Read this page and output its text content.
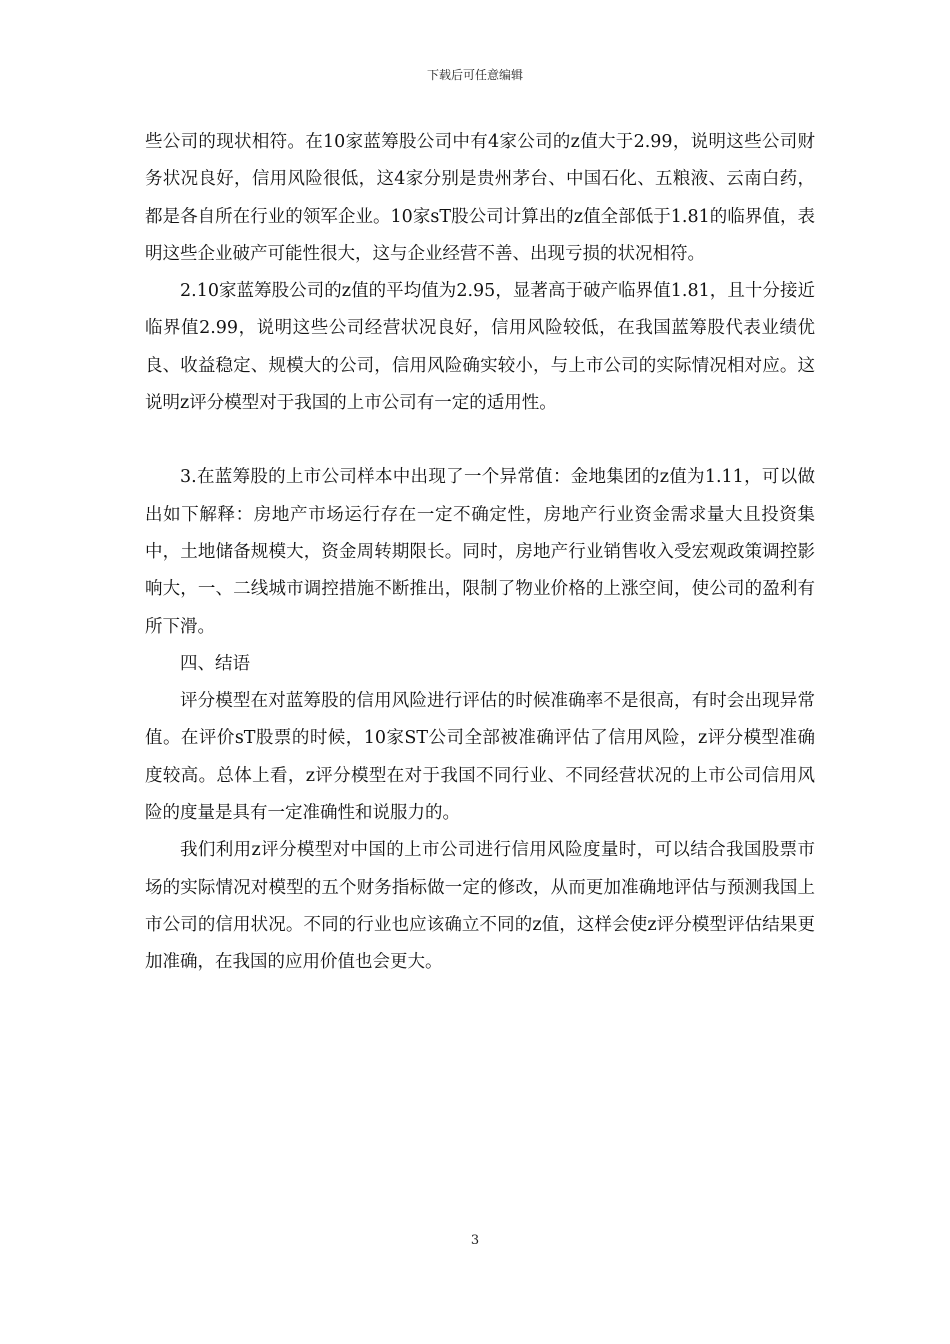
下载后可任意编辑

些公司的现状相符。在10家蓝筹股公司中有4家公司的z值大于2.99，说明这些公司财务状况良好，信用风险很低，这4家分别是贵州茅台、中国石化、五粮液、云南白药，都是各自所在行业的领军企业。10家sT股公司计算出的z值全部低于1.81的临界值，表明这些企业破产可能性很大，这与企业经营不善、出现亏损的状况相符。

2.10家蓝筹股公司的z值的平均值为2.95，显著高于破产临界值1.81，且十分接近临界值2.99，说明这些公司经营状况良好，信用风险较低，在我国蓝筹股代表业绩优良、收益稳定、规模大的公司，信用风险确实较小，与上市公司的实际情况相对应。这说明z评分模型对于我国的上市公司有一定的适用性。

3.在蓝筹股的上市公司样本中出现了一个异常值：金地集团的z值为1.11，可以做出如下解释：房地产市场运行存在一定不确定性，房地产行业资金需求量大且投资集中，土地储备规模大，资金周转期限长。同时，房地产行业销售收入受宏观政策调控影响大，一、二线城市调控措施不断推出，限制了物业价格的上涨空间，使公司的盈利有所下滑。

四、结语

评分模型在对蓝筹股的信用风险进行评估的时候准确率不是很高，有时会出现异常值。在评价sT股票的时候，10家ST公司全部被准确评估了信用风险，z评分模型准确度较高。总体上看，z评分模型在对于我国不同行业、不同经营状况的上市公司信用风险的度量是具有一定准确性和说服力的。

我们利用z评分模型对中国的上市公司进行信用风险度量时，可以结合我国股票市场的实际情况对模型的五个财务指标做一定的修改，从而更加准确地评估与预测我国上市公司的信用状况。不同的行业也应该确立不同的z值，这样会使z评分模型评估结果更加准确，在我国的应用价值也会更大。

3
